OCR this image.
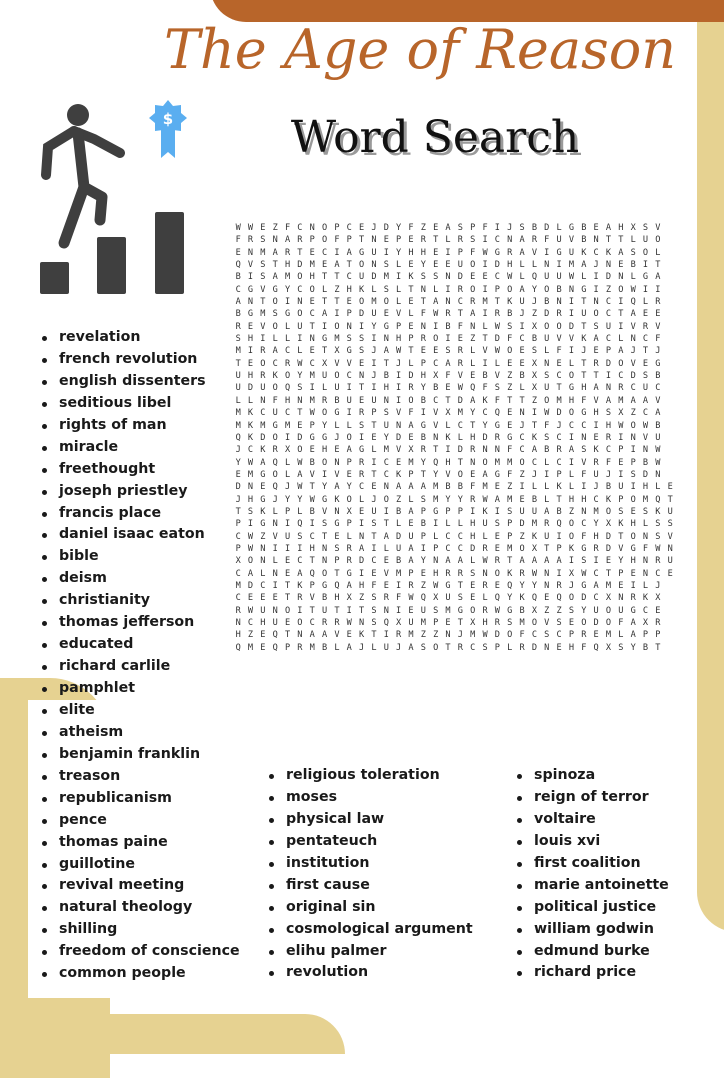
The Age of Reason
Word Search
$
W W E Z F C N O P C E J D Y F Z E A S P F I J S B D L G B E A H X S V
F R S N A R P O F P T N E P E R T L R S I C N A R F U V B N T T L U O
E N M A R T E C I A G U I Y H H E I P F W G R A V I G U K C K A S O L
Q V S T H D M E A T O N S L E Y E E U O I D H L L N I M A J N E B I T
B I S A M O H T T C U D M I K S S N D E E C W L Q U U W L I D N L G A
C G V G Y C O L Z H K L S L T N L I R O I P O A Y O B N G I Z O W I I
A N T O I N E T T E O M O L E T A N C R M T K U J B N I T N C I Q L R
B G M S G O C A I P D U E V L F W R T A I R B J Z D R I U O C T A E E
R E V O L U T I O N I Y G P E N I B F N L W S I X O O D T S U I V R V
S H I L L I N G M S S I N H P R O I E Z T D F C B U V V K A C L N C F
M I R A C L E T X G S J A W T E E S R L V W O E S L F I J E P A J T J
T E O C R W C X V V E I T J L P C A R L I L E E X N E L T R D O V E G
U H R K O Y M U O C N J B I D H X F V E B V Z B X S C O T T I C D S B
U D U O Q S I L U I T I H I R Y B E W Q F S Z L X U T G H A N R C U C
L L N F H N M R B U E U N I O B C T D A K F T T Z O M H F V A M A A V
M K C U C T W O G I R P S V F I V X M Y C Q E N I W D O G H S X Z C A
M K M G M E P Y L L S T U N A G V L C T Y G E J T F J C C I H W O W B
Q K D O I D G G J O I E Y D E B N K L H D R G C K S C I N E R I N V U
J C K R X O E H E A G L M V X R T I D R N N F C A B R A S K C P I N W
Y W A Q L W B O N P R I C E M Y Q H T N O M M O C L C I V R F E P B W
E M G O L A V I V E R T C K P T Y V O E A G F Z J I P L F U J I S D N
D N E Q J W T Y A Y C E N A A A M B B F M E Z I L L K L I J B U I H L E
J H G J Y Y W G K O L J O Z L S M Y Y R W A M E B L T H H C K P O M Q T
T S K L P L B V N X E U I B A P G P P I K I S U U A B Z N M O S E S K U
P I G N I Q I S G P I S T L E B I L L H U S P D M R Q O C Y X K H L S S
C W Z V U S C T E L N T A D U P L C C H L E P Z K U I O F H D T O N S V
P W N I I I H N S R A I L U A I P C C D R E M O X T P K G R D V G F W N
X O N L E C T N P R D C E B A Y N A A L W R T A A A A I S I E Y H N R U
C A L N E A Q O T G I E V M P E H R R S N O K R W N I X W C T P E N C E
M D C I T K P G Q A H F E I R Z W G T E R E Q Y Y N R J G A M E I L J
C E E E T R V B H X Z S R F W Q X U S E L Q Y K Q E Q O D C X N R K X
R W U N O I T U T I T S N I E U S M G O R W G B X Z Z S Y U O U G C E
N C H U E O C R R W N S Q X U M P E T X H R S M O V S E O D O F A X R
H Z E Q T N A A V E K T I R M Z Z N J M W D O F C S C P R E M L A P P
Q M E Q P R M B L A J L U J A S O T R C S P L R D N E H F Q X S Y B T
revelation
french revolution
english dissenters
seditious libel
rights of man
miracle
freethought
joseph priestley
francis place
daniel isaac eaton
bible
deism
christianity
thomas jefferson
educated
richard carlile
pamphlet
elite
atheism
benjamin franklin
treason
republicanism
pence
thomas paine
guillotine
revival meeting
natural theology
shilling
freedom of conscience
common people
religious toleration
moses
physical law
pentateuch
institution
first cause
original sin
cosmological argument
elihu palmer
revolution
spinoza
reign of terror
voltaire
louis xvi
first coalition
marie antoinette
political justice
william godwin
edmund burke
richard price
